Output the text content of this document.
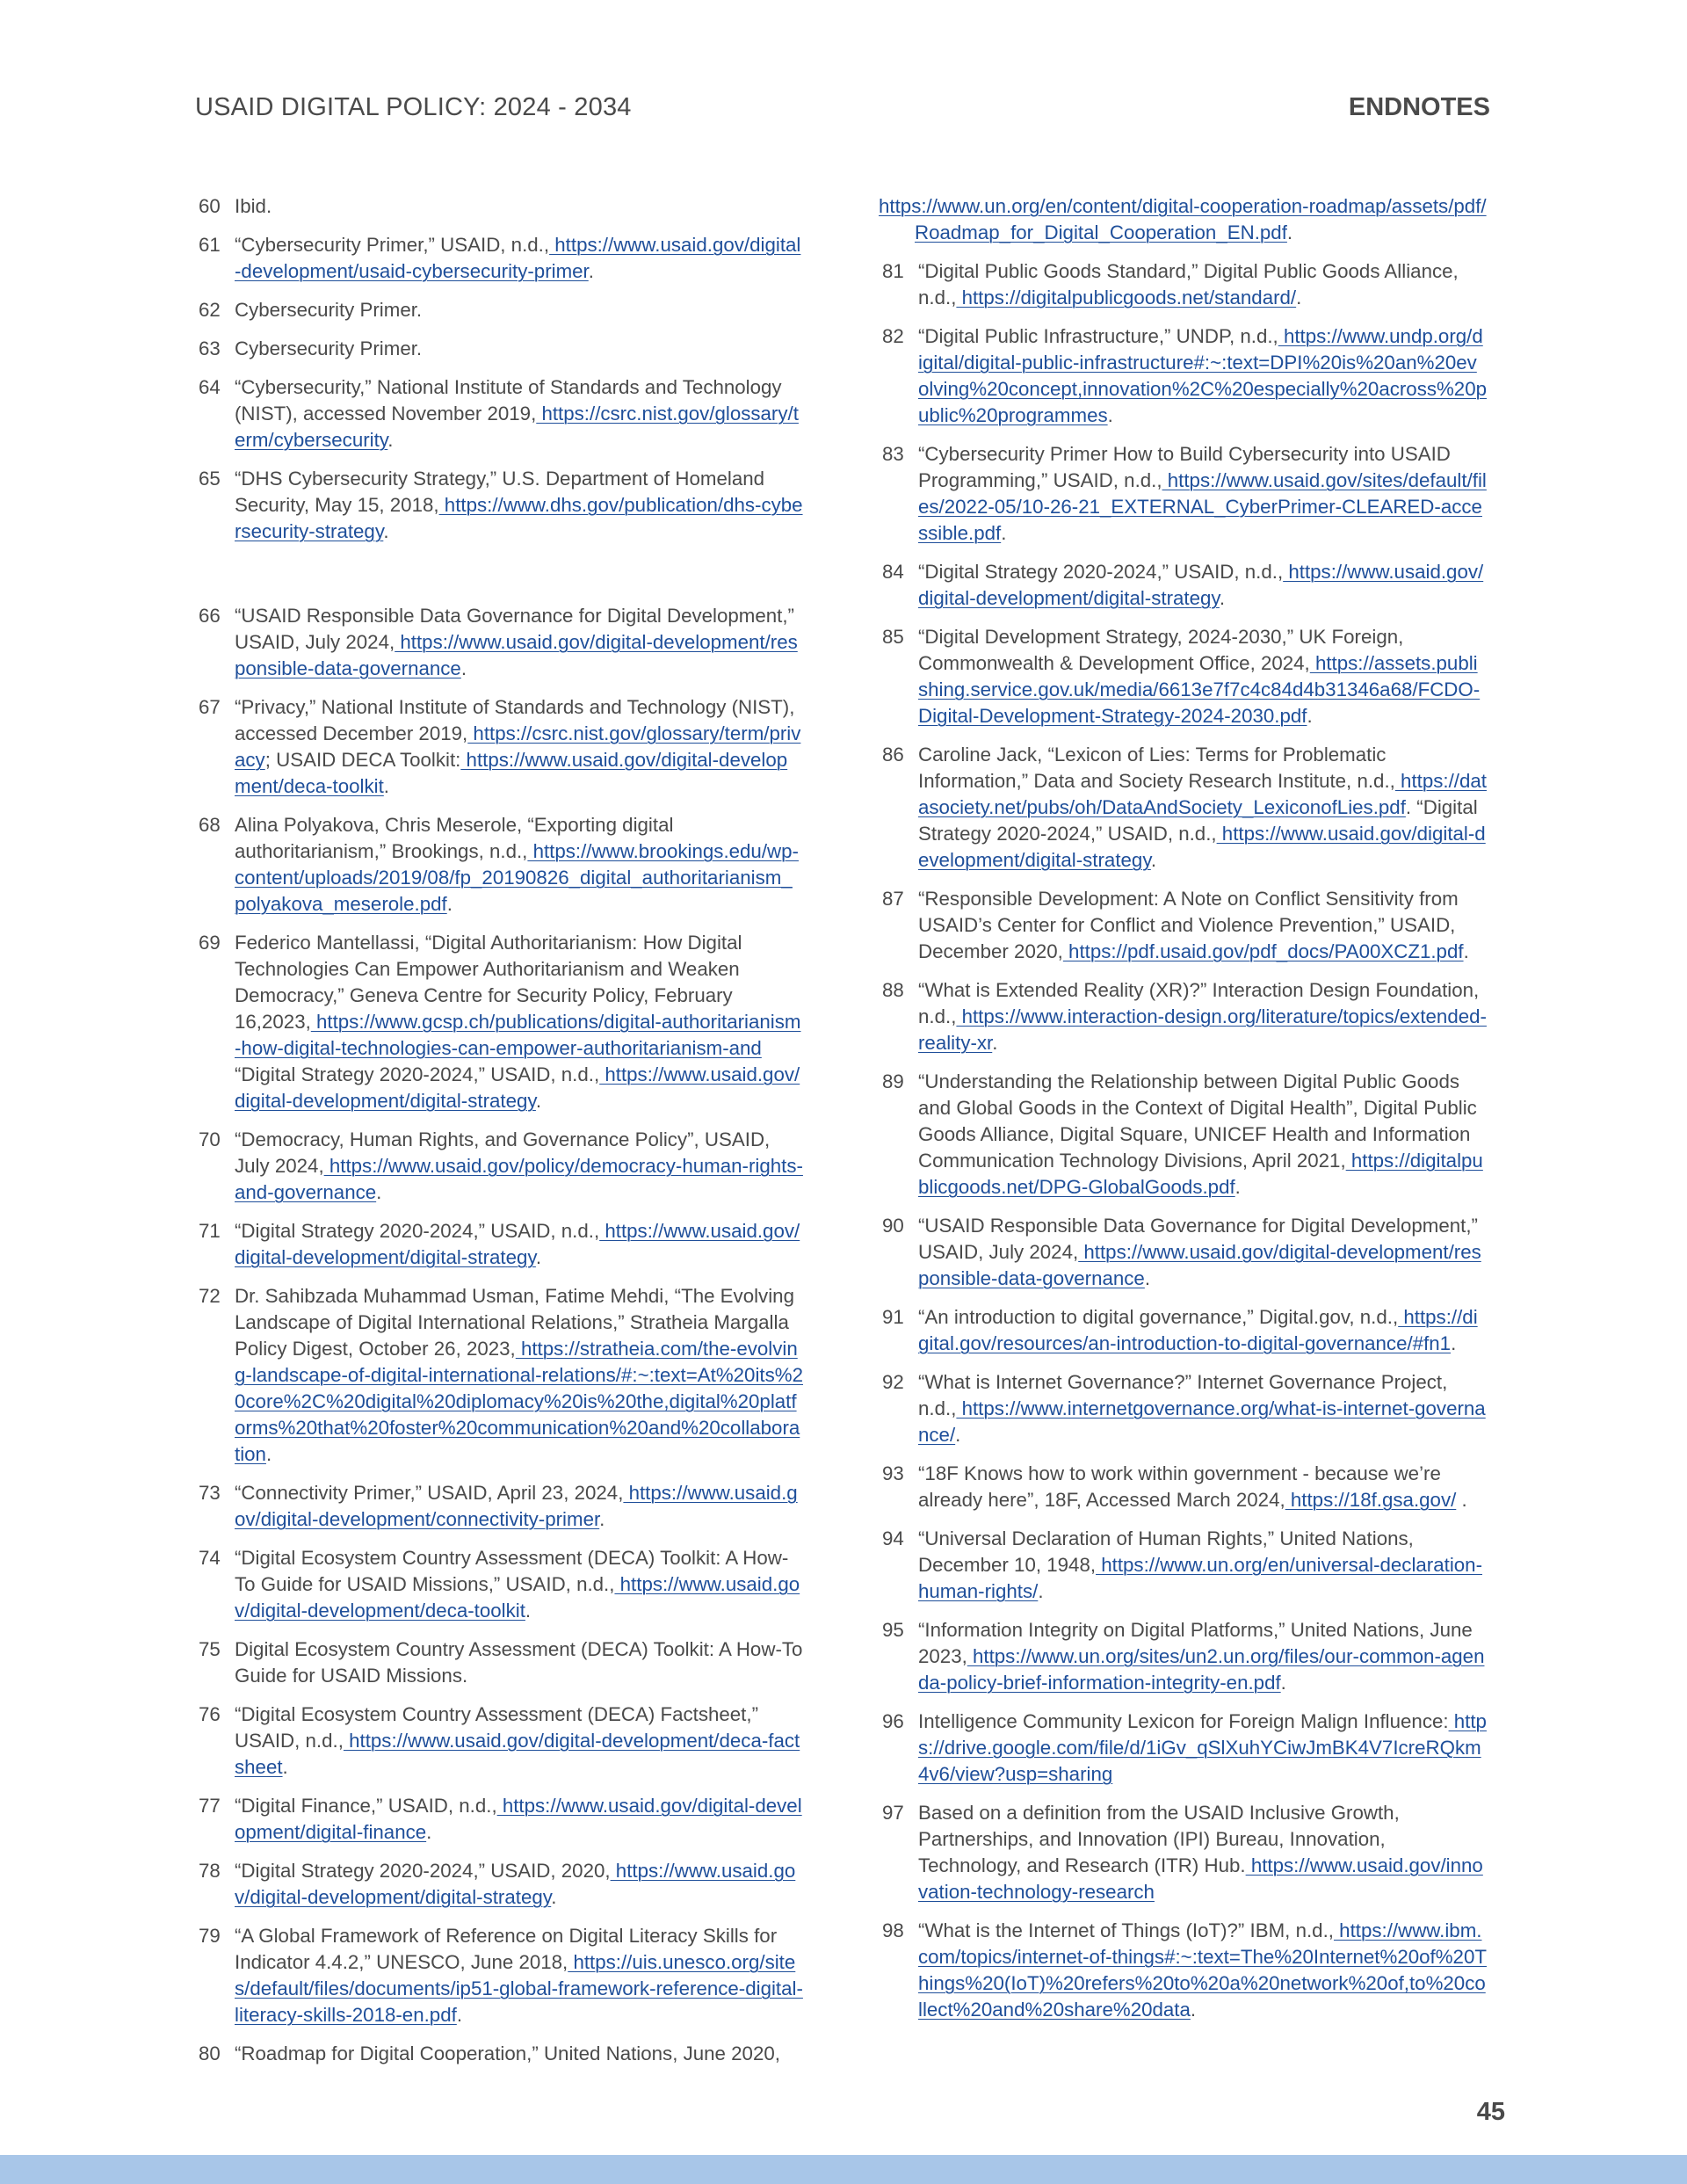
USAID DIGITAL POLICY: 2024 - 2034	ENDNOTES
60 Ibid.
61 “Cybersecurity Primer,” USAID, n.d., https://www.usaid.gov/digital-development/usaid-cybersecurity-primer.
62 Cybersecurity Primer.
63 Cybersecurity Primer.
64 “Cybersecurity,” National Institute of Standards and Technology (NIST), accessed November 2019, https://csrc.nist.gov/glossary/term/cybersecurity.
65 “DHS Cybersecurity Strategy,” U.S. Department of Homeland Security, May 15, 2018, https://www.dhs.gov/publication/dhs-cybersecurity-strategy.
66 “USAID Responsible Data Governance for Digital Development,” USAID, July 2024, https://www.usaid.gov/digital-development/responsible-data-governance.
67 “Privacy,” National Institute of Standards and Technology (NIST), accessed December 2019, https://csrc.nist.gov/glossary/term/privacy; USAID DECA Toolkit: https://www.usaid.gov/digital-development/deca-toolkit.
68 Alina Polyakova, Chris Meserole, “Exporting digital authoritarianism,” Brookings, n.d., https://www.brookings.edu/wp-content/uploads/2019/08/fp_20190826_digital_authoritarianism_polyakova_meserole.pdf.
69 Federico Mantellassi, “Digital Authoritarianism: How Digital Technologies Can Empower Authoritarianism and Weaken Democracy,” Geneva Centre for Security Policy, February 16,2023, https://www.gcsp.ch/publications/digital-authoritarianism-how-digital-technologies-can-empower-authoritarianism-and “Digital Strategy 2020-2024,” USAID, n.d., https://www.usaid.gov/digital-development/digital-strategy.
70 “Democracy, Human Rights, and Governance Policy”, USAID, July 2024, https://www.usaid.gov/policy/democracy-human-rights-and-governance.
71 “Digital Strategy 2020-2024,” USAID, n.d., https://www.usaid.gov/digital-development/digital-strategy.
72 Dr. Sahibzada Muhammad Usman, Fatime Mehdi, “The Evolving Landscape of Digital International Relations,” Stratheia Margalla Policy Digest, October 26, 2023, https://stratheia.com/the-evolving-landscape-of-digital-international-relations/#:~:text=At%20its%20core%2C%20digital%20diplomacy%20is%20the,digital%20platforms%20that%20foster%20communication%20and%20collaboration.
73 “Connectivity Primer,” USAID, April 23, 2024, https://www.usaid.gov/digital-development/connectivity-primer.
74 “Digital Ecosystem Country Assessment (DECA) Toolkit: A How-To Guide for USAID Missions,” USAID, n.d., https://www.usaid.gov/digital-development/deca-toolkit.
75 Digital Ecosystem Country Assessment (DECA) Toolkit: A How-To Guide for USAID Missions.
76 “Digital Ecosystem Country Assessment (DECA) Factsheet,” USAID, n.d., https://www.usaid.gov/digital-development/deca-factsheet.
77 “Digital Finance,” USAID, n.d., https://www.usaid.gov/digital-development/digital-finance.
78 “Digital Strategy 2020-2024,” USAID, 2020, https://www.usaid.gov/digital-development/digital-strategy.
79 “A Global Framework of Reference on Digital Literacy Skills for Indicator 4.4.2,” UNESCO, June 2018, https://uis.unesco.org/sites/default/files/documents/ip51-global-framework-reference-digital-literacy-skills-2018-en.pdf.
80 “Roadmap for Digital Cooperation,” United Nations, June 2020,
https://www.un.org/en/content/digital-cooperation-roadmap/assets/pdf/Roadmap_for_Digital_Cooperation_EN.pdf.
81 “Digital Public Goods Standard,” Digital Public Goods Alliance, n.d., https://digitalpublicgoods.net/standard/.
82 “Digital Public Infrastructure,” UNDP, n.d., https://www.undp.org/digital/digital-public-infrastructure#:~:text=DPI%20is%20an%20evolving%20concept,innovation%2C%20especially%20across%20public%20programmes.
83 “Cybersecurity Primer How to Build Cybersecurity into USAID Programming,” USAID, n.d., https://www.usaid.gov/sites/default/files/2022-05/10-26-21_EXTERNAL_CyberPrimer-CLEARED-accessible.pdf.
84 “Digital Strategy 2020-2024,” USAID, n.d., https://www.usaid.gov/digital-development/digital-strategy.
85 “Digital Development Strategy, 2024-2030,” UK Foreign, Commonwealth & Development Office, 2024, https://assets.publishing.service.gov.uk/media/6613e7f7c4c84d4b31346a68/FCDO-Digital-Development-Strategy-2024-2030.pdf.
86 Caroline Jack, “Lexicon of Lies: Terms for Problematic Information,” Data and Society Research Institute, n.d., https://datasociety.net/pubs/oh/DataAndSociety_LexiconofLies.pdf. “Digital Strategy 2020-2024,” USAID, n.d., https://www.usaid.gov/digital-development/digital-strategy.
87 “Responsible Development: A Note on Conflict Sensitivity from USAID’s Center for Conflict and Violence Prevention,” USAID, December 2020, https://pdf.usaid.gov/pdf_docs/PA00XCZ1.pdf.
88 “What is Extended Reality (XR)?” Interaction Design Foundation, n.d., https://www.interaction-design.org/literature/topics/extended-reality-xr.
89 “Understanding the Relationship between Digital Public Goods and Global Goods in the Context of Digital Health”, Digital Public Goods Alliance, Digital Square, UNICEF Health and Information Communication Technology Divisions, April 2021, https://digitalpublicgoods.net/DPG-GlobalGoods.pdf.
90 “USAID Responsible Data Governance for Digital Development,” USAID, July 2024, https://www.usaid.gov/digital-development/responsible-data-governance.
91 “An introduction to digital governance,” Digital.gov, n.d., https://digital.gov/resources/an-introduction-to-digital-governance/#fn1.
92 “What is Internet Governance?” Internet Governance Project, n.d., https://www.internetgovernance.org/what-is-internet-governance/.
93 “18F Knows how to work within government - because we’re already here”, 18F, Accessed March 2024, https://18f.gsa.gov/ .
94 “Universal Declaration of Human Rights,” United Nations, December 10, 1948, https://www.un.org/en/universal-declaration-human-rights/.
95 “Information Integrity on Digital Platforms,” United Nations, June 2023, https://www.un.org/sites/un2.un.org/files/our-common-agenda-policy-brief-information-integrity-en.pdf.
96 Intelligence Community Lexicon for Foreign Malign Influence: https://drive.google.com/file/d/1iGv_qSlXuhYCiwJmBK4V7IcreRQkm4v6/view?usp=sharing
97 Based on a definition from the USAID Inclusive Growth, Partnerships, and Innovation (IPI) Bureau, Innovation, Technology, and Research (ITR) Hub. https://www.usaid.gov/innovation-technology-research
98 “What is the Internet of Things (IoT)?” IBM, n.d., https://www.ibm.com/topics/internet-of-things#:~:text=The%20Internet%20of%20Things%20(IoT)%20refers%20to%20a%20network%20of,to%20collect%20and%20share%20data.
45
